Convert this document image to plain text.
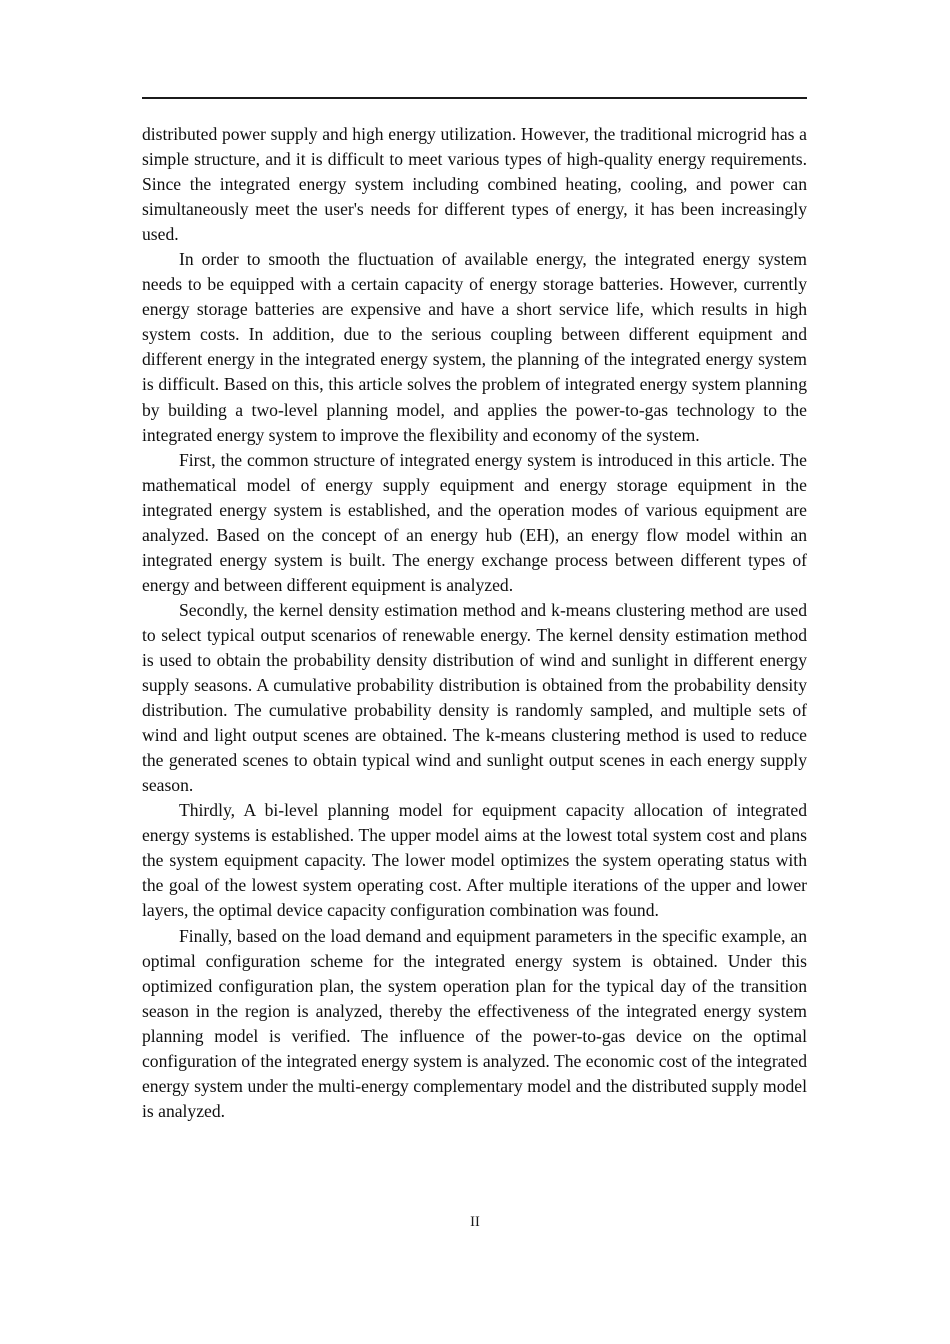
distributed power supply and high energy utilization. However, the traditional microgrid has a simple structure, and it is difficult to meet various types of high-quality energy requirements. Since the integrated energy system including combined heating, cooling, and power can simultaneously meet the user's needs for different types of energy, it has been increasingly used.

In order to smooth the fluctuation of available energy, the integrated energy system needs to be equipped with a certain capacity of energy storage batteries. However, currently energy storage batteries are expensive and have a short service life, which results in high system costs. In addition, due to the serious coupling between different equipment and different energy in the integrated energy system, the planning of the integrated energy system is difficult. Based on this, this article solves the problem of integrated energy system planning by building a two-level planning model, and applies the power-to-gas technology to the integrated energy system to improve the flexibility and economy of the system.

First, the common structure of integrated energy system is introduced in this article. The mathematical model of energy supply equipment and energy storage equipment in the integrated energy system is established, and the operation modes of various equipment are analyzed. Based on the concept of an energy hub (EH), an energy flow model within an integrated energy system is built. The energy exchange process between different types of energy and between different equipment is analyzed.

Secondly, the kernel density estimation method and k-means clustering method are used to select typical output scenarios of renewable energy. The kernel density estimation method is used to obtain the probability density distribution of wind and sunlight in different energy supply seasons. A cumulative probability distribution is obtained from the probability density distribution. The cumulative probability density is randomly sampled, and multiple sets of wind and light output scenes are obtained. The k-means clustering method is used to reduce the generated scenes to obtain typical wind and sunlight output scenes in each energy supply season.

Thirdly, A bi-level planning model for equipment capacity allocation of integrated energy systems is established. The upper model aims at the lowest total system cost and plans the system equipment capacity. The lower model optimizes the system operating status with the goal of the lowest system operating cost. After multiple iterations of the upper and lower layers, the optimal device capacity configuration combination was found.

Finally, based on the load demand and equipment parameters in the specific example, an optimal configuration scheme for the integrated energy system is obtained. Under this optimized configuration plan, the system operation plan for the typical day of the transition season in the region is analyzed, thereby the effectiveness of the integrated energy system planning model is verified. The influence of the power-to-gas device on the optimal configuration of the integrated energy system is analyzed. The economic cost of the integrated energy system under the multi-energy complementary model and the distributed supply model is analyzed.

II
